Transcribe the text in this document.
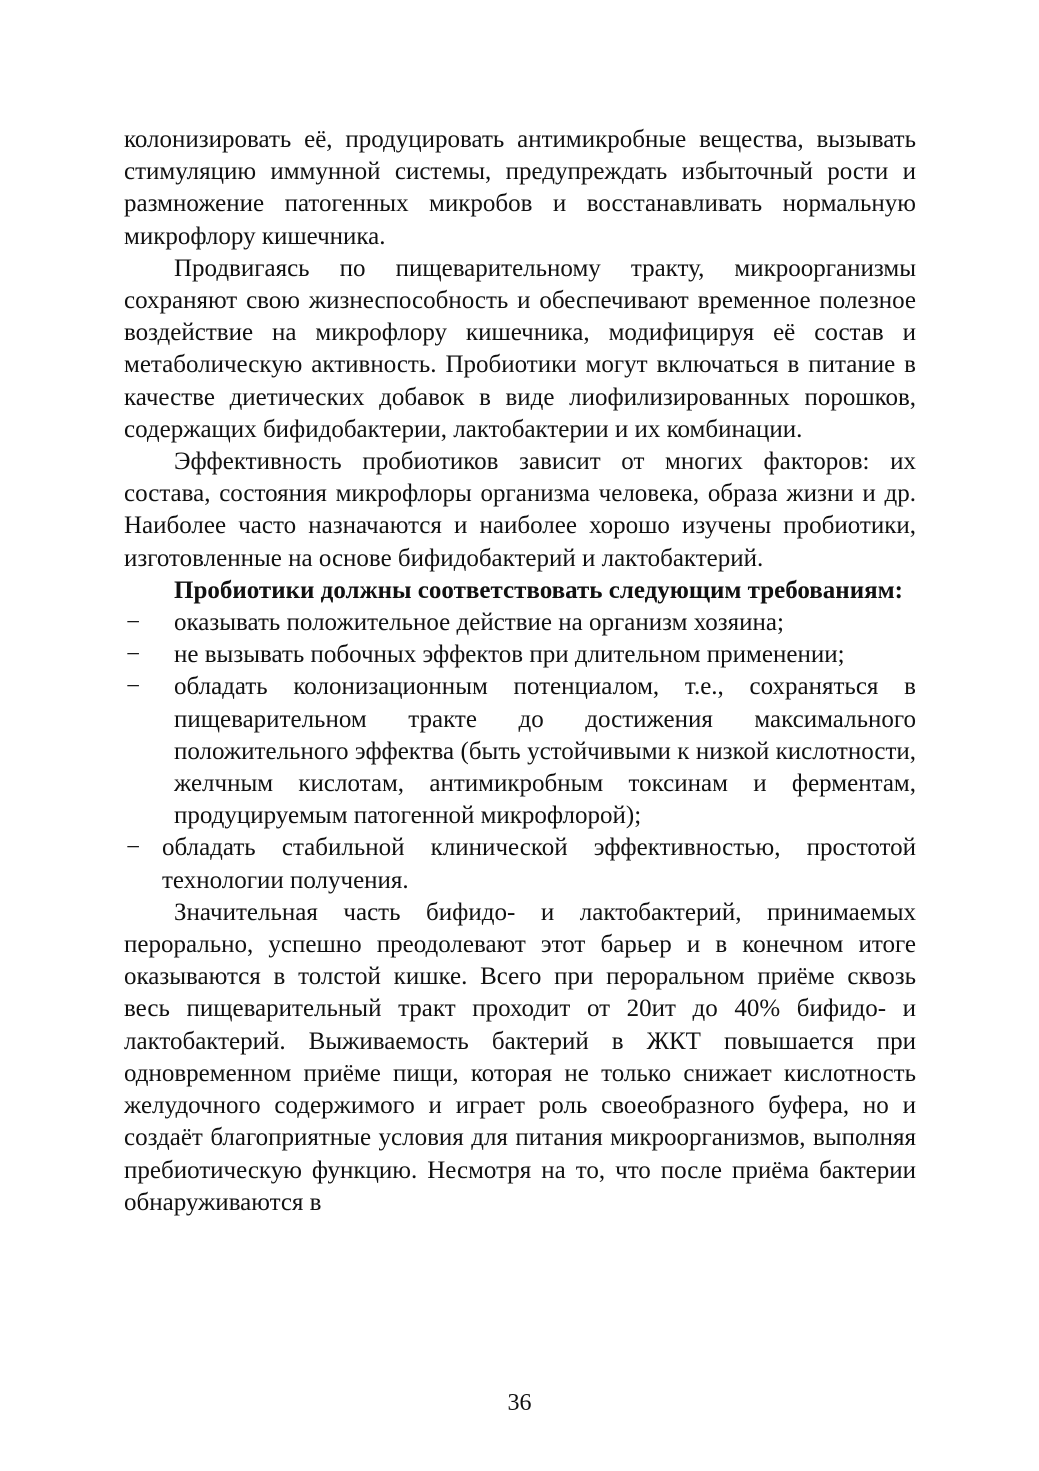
колонизировать её, продуцировать антимикробные вещества, вызывать стимуляцию иммунной системы, предупреждать избыточный рости и размножение патогенных микробов и восстанавливать нормальную микрофлору кишечника.

Продвигаясь по пищеварительному тракту, микроорганизмы сохраняют свою жизнеспособность и обеспечивают временное полезное воздействие на микрофлору кишечника, модифицируя её состав и метаболическую активность. Пробиотики могут включаться в питание в качестве диетических добавок в виде лиофилизированных порошков, содержащих бифидобактерии, лактобактерии и их комбинации.

Эффективность пробиотиков зависит от многих факторов: их состава, состояния микрофлоры организма человека, образа жизни и др. Наиболее часто назначаются и наиболее хорошо изучены пробиотики, изготовленные на основе бифидобактерий и лактобактерий.

Пробиотики должны соответствовать следующим требованиям:

− оказывать положительное действие на организм хозяина;
− не вызывать побочных эффектов при длительном применении;
− обладать колонизационным потенциалом, т.е., сохраняться в пищеварительном тракте до достижения максимального положительного эффектва (быть устойчивыми к низкой кислотности, желчным кислотам, антимикробным токсинам и ферментам, продуцируемым патогенной микрофлорой);
− обладать стабильной клинической эффективностью, простотой технологии получения.

Значительная часть бифидо- и лактобактерий, принимаемых перорально, успешно преодолевают этот барьер и в конечном итоге оказываются в толстой кишке. Всего при пероральном приёме сквозь весь пищеварительный тракт проходит от 20ит до 40% бифидо- и лактобактерий. Выживаемость бактерий в ЖКТ повышается при одновременном приёме пищи, которая не только снижает кислотность желудочного содержимого и играет роль своеобразного буфера, но и создаёт благоприятные условия для питания микроорганизмов, выполняя пребиотическую функцию. Несмотря на то, что после приёма бактерии обнаруживаются в

36
